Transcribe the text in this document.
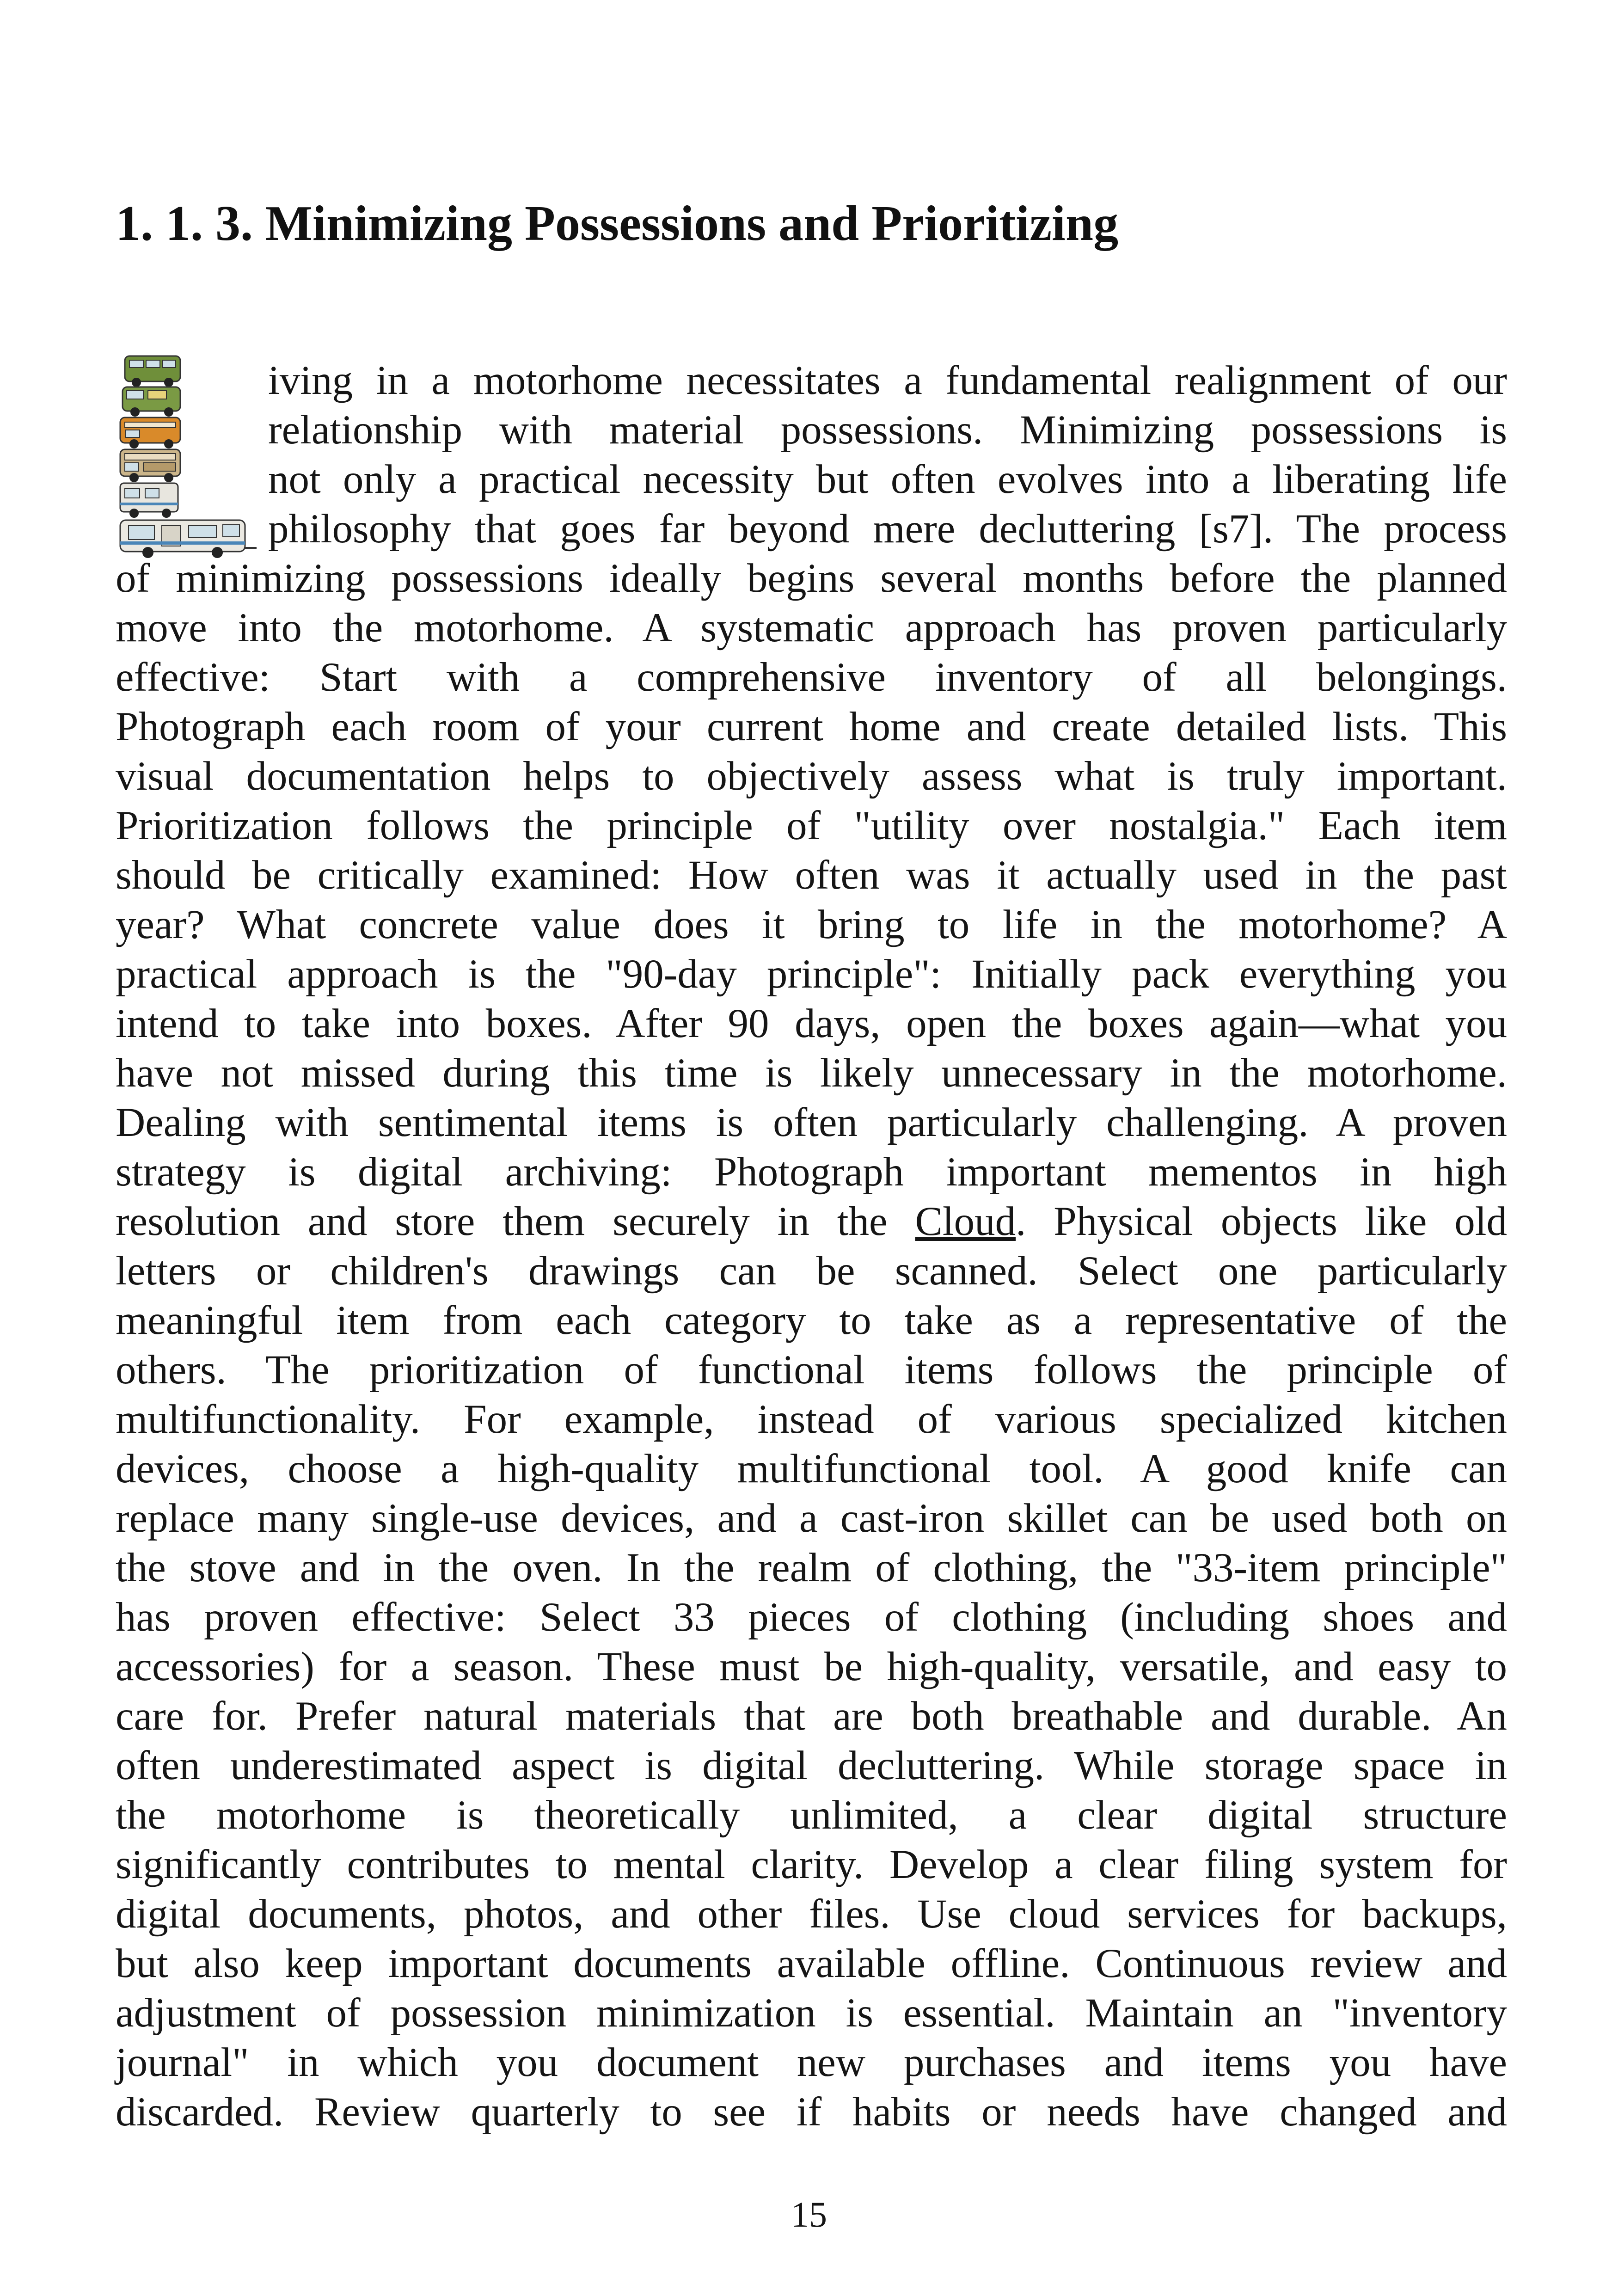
1. 1. 3. Minimizing Possessions and Prioritizing
iving in a motorhome necessitates a fundamental realignment of our
relationship with material possessions. Minimizing possessions is
not only a practical necessity but often evolves into a liberating life
philosophy that goes far beyond mere decluttering [s7]. The process
of minimizing possessions ideally begins several months before the planned
move into the motorhome. A systematic approach has proven particularly
effective: Start with a comprehensive inventory of all belongings.
Photograph each room of your current home and create detailed lists. This
visual documentation helps to objectively assess what is truly important.
Prioritization follows the principle of "utility over nostalgia." Each item
should be critically examined: How often was it actually used in the past
year? What concrete value does it bring to life in the motorhome? A
practical approach is the "90-day principle": Initially pack everything you
intend to take into boxes. After 90 days, open the boxes again—what you
have not missed during this time is likely unnecessary in the motorhome.
Dealing with sentimental items is often particularly challenging. A proven
strategy is digital archiving: Photograph important mementos in high
resolution and store them securely in the Cloud. Physical objects like old
letters or children's drawings can be scanned. Select one particularly
meaningful item from each category to take as a representative of the
others. The prioritization of functional items follows the principle of
multifunctionality. For example, instead of various specialized kitchen
devices, choose a high-quality multifunctional tool. A good knife can
replace many single-use devices, and a cast-iron skillet can be used both on
the stove and in the oven. In the realm of clothing, the "33-item principle"
has proven effective: Select 33 pieces of clothing (including shoes and
accessories) for a season. These must be high-quality, versatile, and easy to
care for. Prefer natural materials that are both breathable and durable. An
often underestimated aspect is digital decluttering. While storage space in
the motorhome is theoretically unlimited, a clear digital structure
significantly contributes to mental clarity. Develop a clear filing system for
digital documents, photos, and other files. Use cloud services for backups,
but also keep important documents available offline. Continuous review and
adjustment of possession minimization is essential. Maintain an "inventory
journal" in which you document new purchases and items you have
discarded. Review quarterly to see if habits or needs have changed and
15
